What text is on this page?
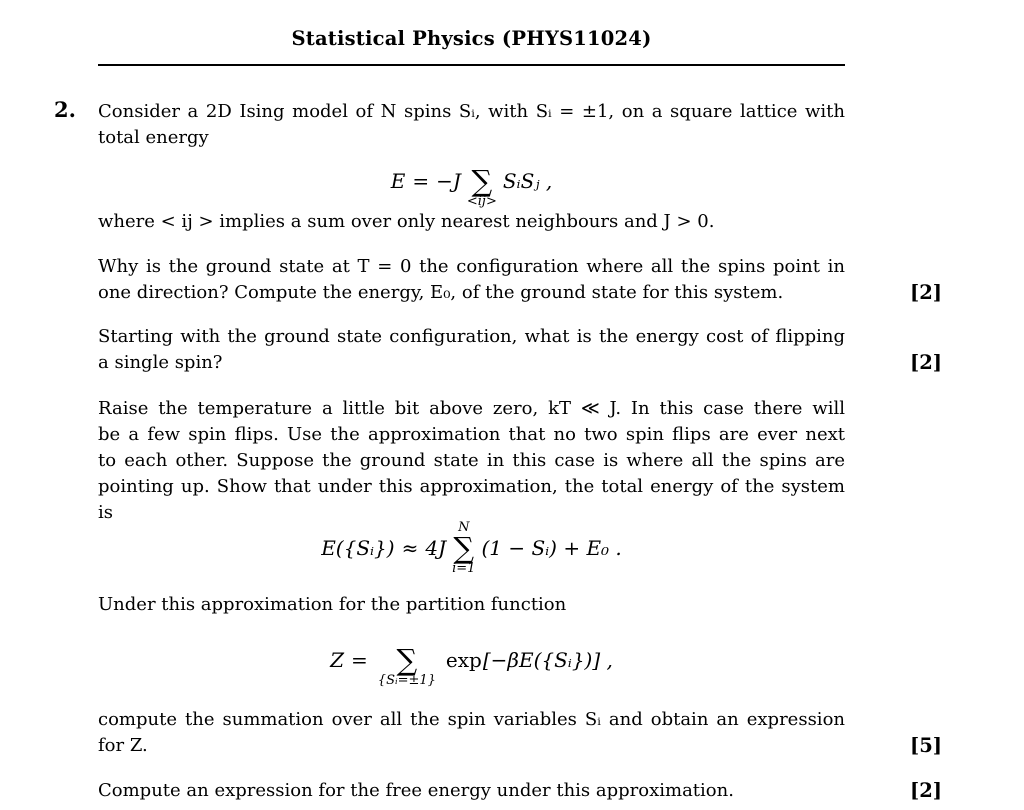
Statistical Physics (PHYS11024)
2. Consider a 2D Ising model of N spins Sᵢ, with Sᵢ = ±1, on a square lattice with
total energy
E = −J ∑
<ij>
SᵢSⱼ ,
where < ij > implies a sum over only nearest neighbours and J > 0.
Why is the ground state at T = 0 the configuration where all the spins point in
one direction? Compute the energy, E₀, of the ground state for this system.	[2]
Starting with the ground state configuration, what is the energy cost of flipping
a single spin?	[2]
Raise the temperature a little bit above zero, kT ≪ J. In this case there will
be a few spin flips. Use the approximation that no two spin flips are ever next
to each other. Suppose the ground state in this case is where all the spins are
pointing up. Show that under this approximation, the total energy of the system
is
E({Sᵢ}) ≈ 4J
N
∑
i=1
(1 − Sᵢ) + E₀ .
Under this approximation for the partition function
Z = ∑
{Sᵢ=±1}
exp [−βE({Sᵢ})] ,
compute the summation over all the spin variables Sᵢ and obtain an expression
for Z.	[5]
Compute an expression for the free energy under this approximation.	[2]
